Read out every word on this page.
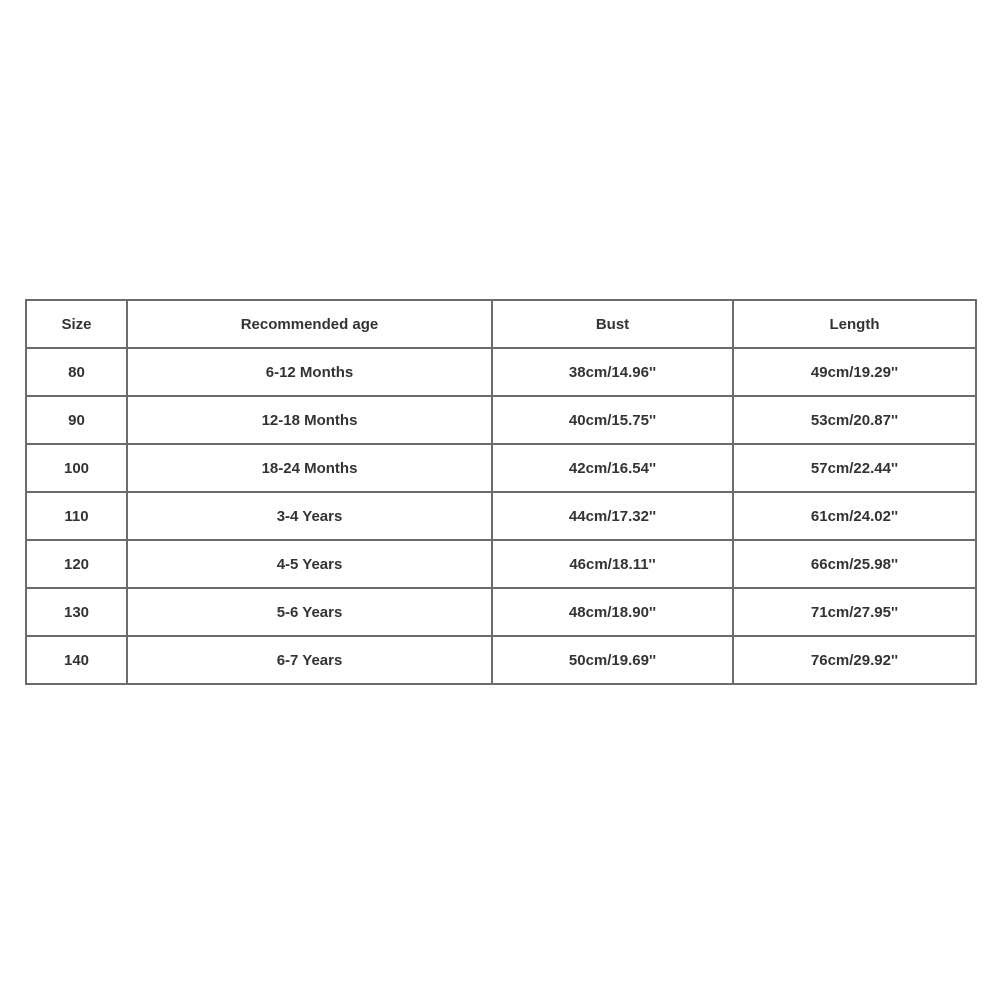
Size	Recommended age	Bust	Length
80	6-12 Months	38cm/14.96''	49cm/19.29''
90	12-18 Months	40cm/15.75''	53cm/20.87''
100	18-24 Months	42cm/16.54''	57cm/22.44''
110	3-4 Years	44cm/17.32''	61cm/24.02''
120	4-5 Years	46cm/18.11''	66cm/25.98''
130	5-6 Years	48cm/18.90''	71cm/27.95''
140	6-7 Years	50cm/19.69''	76cm/29.92''
